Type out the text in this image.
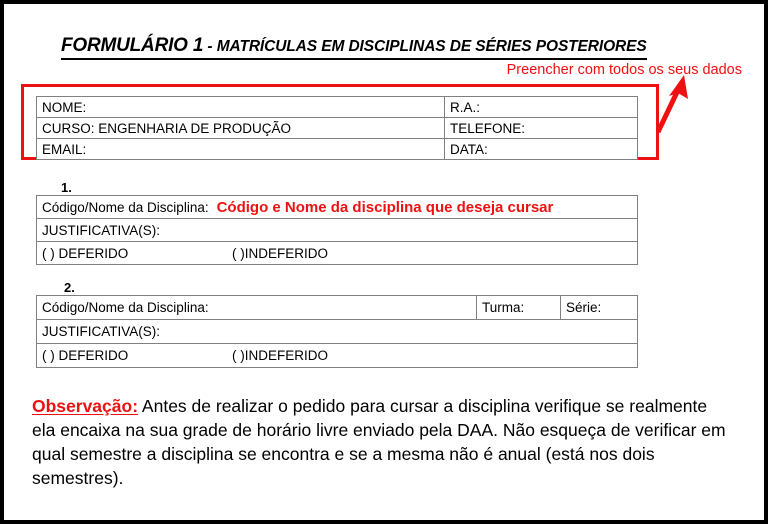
FORMULÁRIO 1 - MATRÍCULAS EM DISCIPLINAS DE SÉRIES POSTERIORES
Preencher com todos os seus dados
NOME:	R.A.:
CURSO: ENGENHARIA DE PRODUÇÃO	TELEFONE:
EMAIL:	DATA:
1.
Código/Nome da Disciplina: Código e Nome da disciplina que deseja cursar
JUSTIFICATIVA(S):
( ) DEFERIDO	( )INDEFERIDO
2.
Código/Nome da Disciplina:	Turma:	Série:
JUSTIFICATIVA(S):
( ) DEFERIDO	( )INDEFERIDO
Observação: Antes de realizar o pedido para cursar a disciplina verifique se realmente ela encaixa na sua grade de horário livre enviado pela DAA. Não esqueça de verificar em qual semestre a disciplina se encontra e se a mesma não é anual (está nos dois semestres).
